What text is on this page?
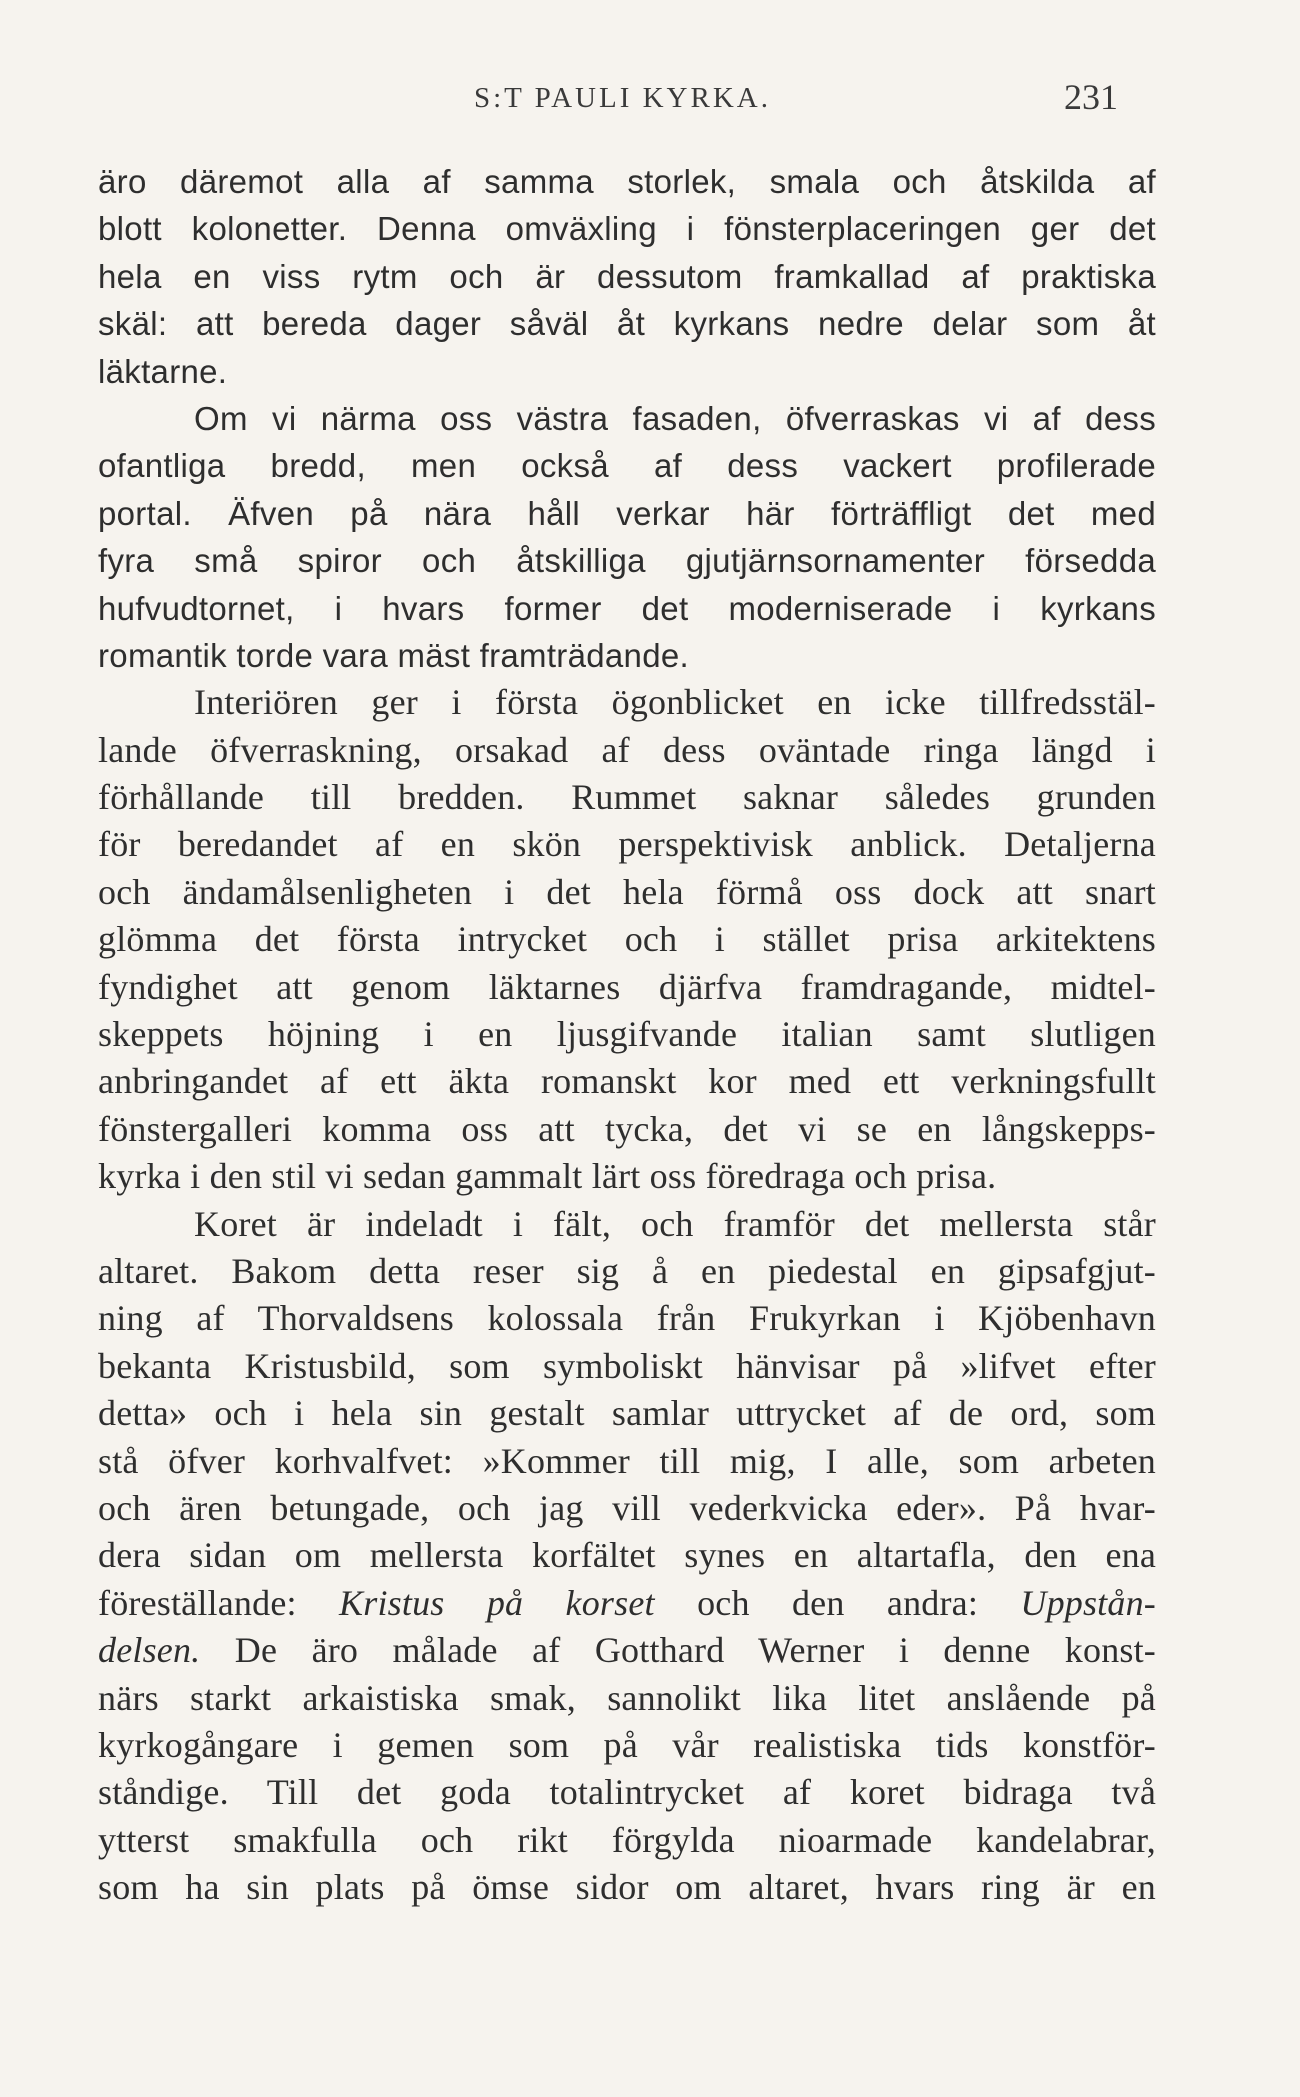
S:T PAULI KYRKA.	231
äro däremot alla af samma storlek, smala och åtskilda af
blott kolonetter. Denna omväxling i fönsterplaceringen ger det
hela en viss rytm och är dessutom framkallad af praktiska
skäl: att bereda dager såväl åt kyrkans nedre delar som åt
läktarne.
Om vi närma oss västra fasaden, öfverraskas vi af dess
ofantliga bredd, men också af dess vackert profilerade
portal. Äfven på nära håll verkar här förträffligt det med
fyra små spiror och åtskilliga gjutjärnsornamenter försedda
hufvudtornet, i hvars former det moderniserade i kyrkans
romantik torde vara mäst framträdande.
Interiören ger i första ögonblicket en icke tillfredsstäl-
lande öfverraskning, orsakad af dess oväntade ringa längd i
förhållande till bredden. Rummet saknar således grunden
för beredandet af en skön perspektivisk anblick. Detaljerna
och ändamålsenligheten i det hela förmå oss dock att snart
glömma det första intrycket och i stället prisa arkitektens
fyndighet att genom läktarnes djärfva framdragande, midtel-
skeppets höjning i en ljusgifvande italian samt slutligen
anbringandet af ett äkta romanskt kor med ett verkningsfullt
fönstergalleri komma oss att tycka, det vi se en långskepps-
kyrka i den stil vi sedan gammalt lärt oss föredraga och prisa.
Koret är indeladt i fält, och framför det mellersta står
altaret. Bakom detta reser sig å en piedestal en gipsafgjut-
ning af Thorvaldsens kolossala från Frukyrkan i Kjöbenhavn
bekanta Kristusbild, som symboliskt hänvisar på »lifvet efter
detta» och i hela sin gestalt samlar uttrycket af de ord, som
stå öfver korhvalfvet: »Kommer till mig, I alle, som arbeten
och ären betungade, och jag vill vederkvicka eder». På hvar-
dera sidan om mellersta korfältet synes en altartafla, den ena
föreställande: Kristus på korset och den andra: Uppstån-
delsen. De äro målade af Gotthard Werner i denne konst-
närs starkt arkaistiska smak, sannolikt lika litet anslående på
kyrkogångare i gemen som på vår realistiska tids konstför-
ståndige. Till det goda totalintrycket af koret bidraga två
ytterst smakfulla och rikt förgylda nioarmade kandelabrar,
som ha sin plats på ömse sidor om altaret, hvars ring är en
